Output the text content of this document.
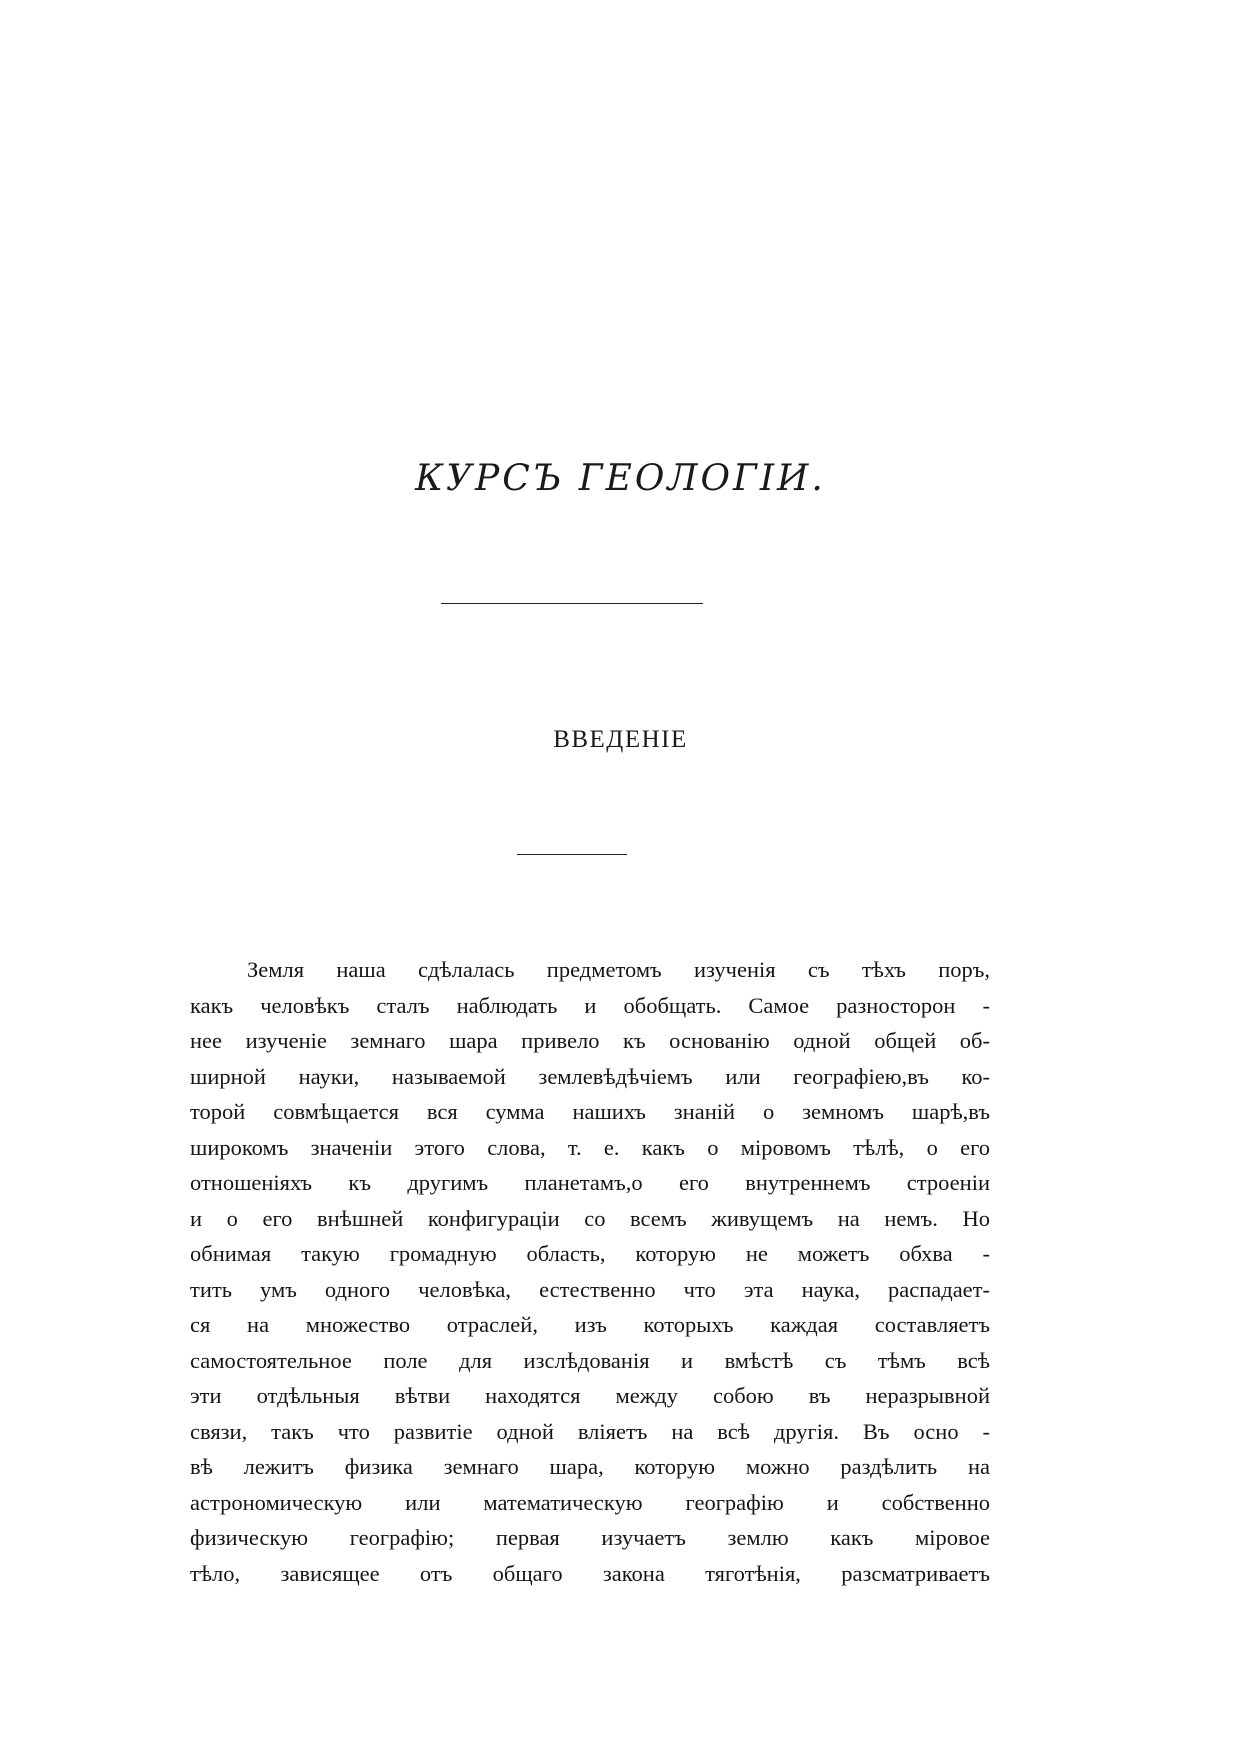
КУРСЪ ГЕОЛОГІИ.
ВВЕДЕНІЕ
Земля наша сдѣлалась предметомъ изученія съ тѣхъ поръ,
какъ человѣкъ сталъ наблюдать и обобщать. Самое разносторон -
нее изученіе земнаго шара привело къ основанію одной общей об-
ширной науки, называемой землевѣдѣчіемъ или географіею,въ ко-
торой совмѣщается вся сумма нашихъ знаній о земномъ шарѣ,въ
широкомъ значеніи этого слова, т. е. какъ о міровомъ тѣлѣ, о его
отношеніяхъ къ другимъ планетамъ,о его внутреннемъ строеніи
и о его внѣшней конфигураціи со всемъ живущемъ на немъ. Но
обнимая такую громадную область, которую не можетъ обхва -
тить умъ одного человѣка, естественно что эта наука, распадает-
ся на множество отраслей, изъ которыхъ каждая составляетъ
самостоятельное поле для изслѣдованія и вмѣстѣ съ тѣмъ всѣ
эти отдѣльныя вѣтви находятся между собою въ неразрывной
связи, такъ что развитіе одной вліяетъ на всѣ другія. Въ осно -
вѣ лежитъ физика земнаго шара, которую можно раздѣлить на
астрономическую или математическую географію и собственно
физическую географію; первая изучаетъ землю какъ міровое
тѣло, зависящее отъ общаго закона тяготѣнія, разсматриваетъ
